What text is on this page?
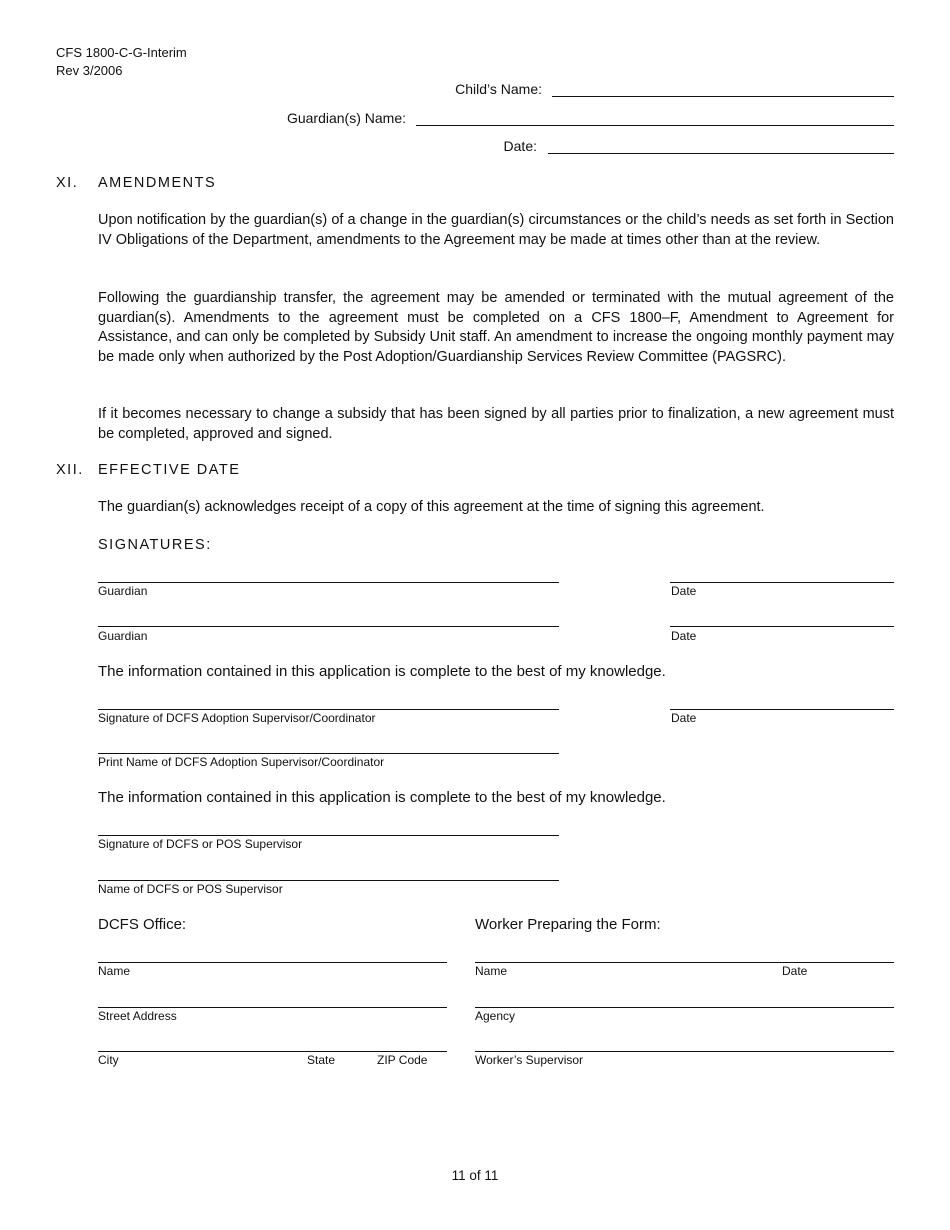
CFS 1800-C-G-Interim
Rev 3/2006
Child’s Name:
Guardian(s) Name:
Date:
XI. AMENDMENTS
Upon notification by the guardian(s) of a change in the guardian(s) circumstances or the child’s needs as set forth in Section IV Obligations of the Department, amendments to the Agreement may be made at times other than at the review.
Following the guardianship transfer, the agreement may be amended or terminated with the mutual agreement of the guardian(s). Amendments to the agreement must be completed on a CFS 1800–F, Amendment to Agreement for Assistance, and can only be completed by Subsidy Unit staff. An amendment to increase the ongoing monthly payment may be made only when authorized by the Post Adoption/Guardianship Services Review Committee (PAGSRC).
If it becomes necessary to change a subsidy that has been signed by all parties prior to finalization, a new agreement must be completed, approved and signed.
XII. EFFECTIVE DATE
The guardian(s) acknowledges receipt of a copy of this agreement at the time of signing this agreement.
SIGNATURES:
Guardian	Date
Guardian	Date
The information contained in this application is complete to the best of my knowledge.
Signature of DCFS Adoption Supervisor/Coordinator	Date
Print Name of DCFS Adoption Supervisor/Coordinator
The information contained in this application is complete to the best of my knowledge.
Signature of DCFS or POS Supervisor
Name of DCFS or POS Supervisor
DCFS Office:	Worker Preparing the Form:
Name	Name	Date
Street Address	Agency
City	State	ZIP Code	Worker’s Supervisor
11 of 11
